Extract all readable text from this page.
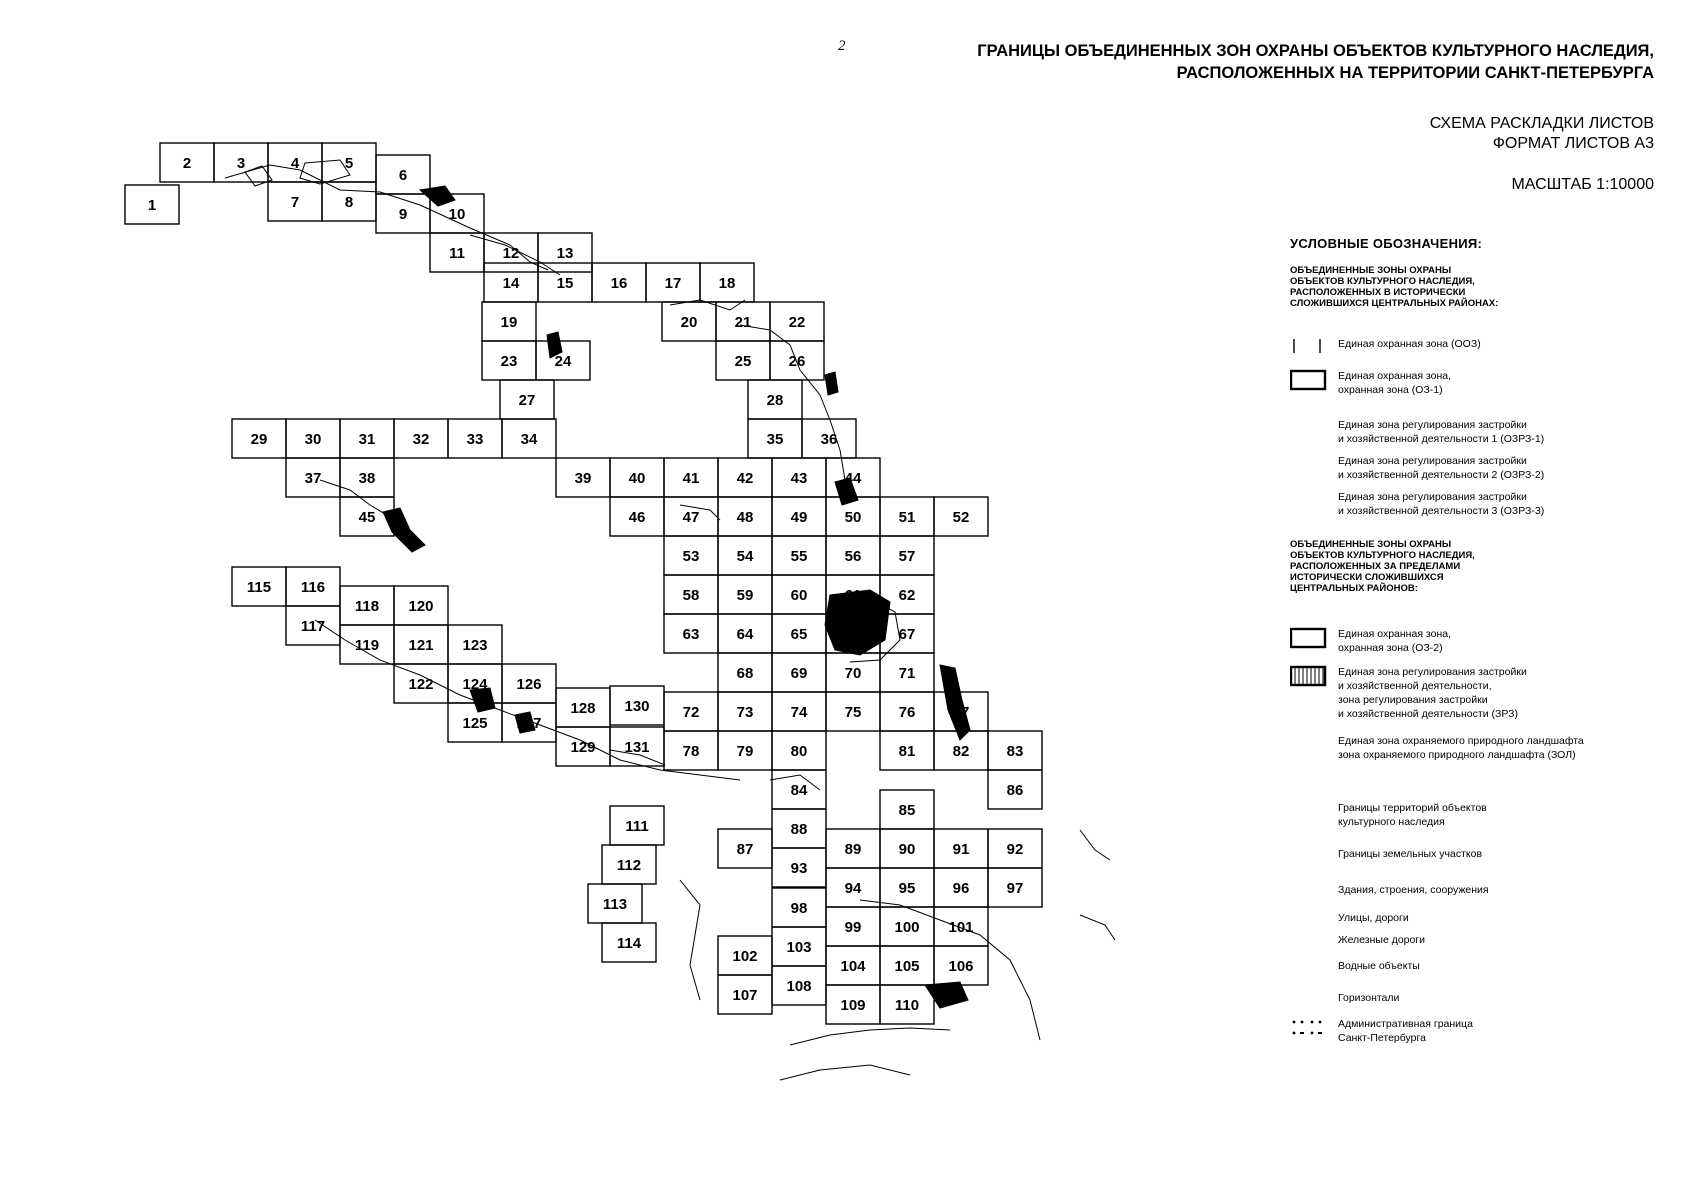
2	ГРАНИЦЫ ОБЪЕДИНЕННЫХ ЗОН ОХРАНЫ ОБЪЕКТОВ КУЛЬТУРНОГО НАСЛЕДИЯ,
РАСПОЛОЖЕННЫХ НА ТЕРРИТОРИИ САНКТ-ПЕТЕРБУРГА
СХЕМА РАСКЛАДКИ ЛИСТОВ
ФОРМАТ ЛИСТОВ А3
МАСШТАБ 1:10000
1
2	3	4	5
6
7	8
9	10
11	12 13
14 15 16 17 18
19	20 21 22
23 24	25 26
27	28
29 30 31 32 33 34	35 36
37 38	39 40 41 42 43 44
45	46 47 48 49 50 51 52
53 54 55 56 57
58 59 60 61 62
63 64 65 66 67
68 69 70 71
72 73 74 75 76 77
78 79 80	81 82 83
84
85
86
87
88
89 90 91 92
93
94 95 96 97
98
99 100 101
102
103
104 105 106
107
108
109 110
111
112
113
114
115 116
117
118
119
120
121
122
123
124
125
126
127
128
129
130
131
УСЛОВНЫЕ ОБОЗНАЧЕНИЯ:
ОБЪЕДИНЕННЫЕ ЗОНЫ ОХРАНЫ
ОБЪЕКТОВ КУЛЬТУРНОГО НАСЛЕДИЯ,
РАСПОЛОЖЕННЫХ В ИСТОРИЧЕСКИ
СЛОЖИВШИХСЯ ЦЕНТРАЛЬНЫХ РАЙОНАХ:
Единая охранная зона (ООЗ)
Единая охранная зона,
охранная зона (ОЗ-1)
Единая зона регулирования застройки
и хозяйственной деятельности 1 (ОЗРЗ-1)
Единая зона регулирования застройки
и хозяйственной деятельности 2 (ОЗРЗ-2)
Единая зона регулирования застройки
и хозяйственной деятельности 3 (ОЗРЗ-3)
ОБЪЕДИНЕННЫЕ ЗОНЫ ОХРАНЫ
ОБЪЕКТОВ КУЛЬТУРНОГО НАСЛЕДИЯ,
РАСПОЛОЖЕННЫХ ЗА ПРЕДЕЛАМИ
ИСТОРИЧЕСКИ СЛОЖИВШИХСЯ
ЦЕНТРАЛЬНЫХ РАЙОНОВ:
Единая охранная зона,
охранная зона (ОЗ-2)
Единая зона регулирования застройки
и хозяйственной деятельности,
зона регулирования застройки
и хозяйственной деятельности (ЗРЗ)
Единая зона охраняемого природного ландшафта
зона охраняемого природного ландшафта (ЗОЛ)
Границы территорий объектов
культурного наследия
Границы земельных участков
Здания, строения, сооружения
Улицы, дороги
Железные дороги
Водные объекты
Горизонтали
Административная граница
Санкт-Петербурга
